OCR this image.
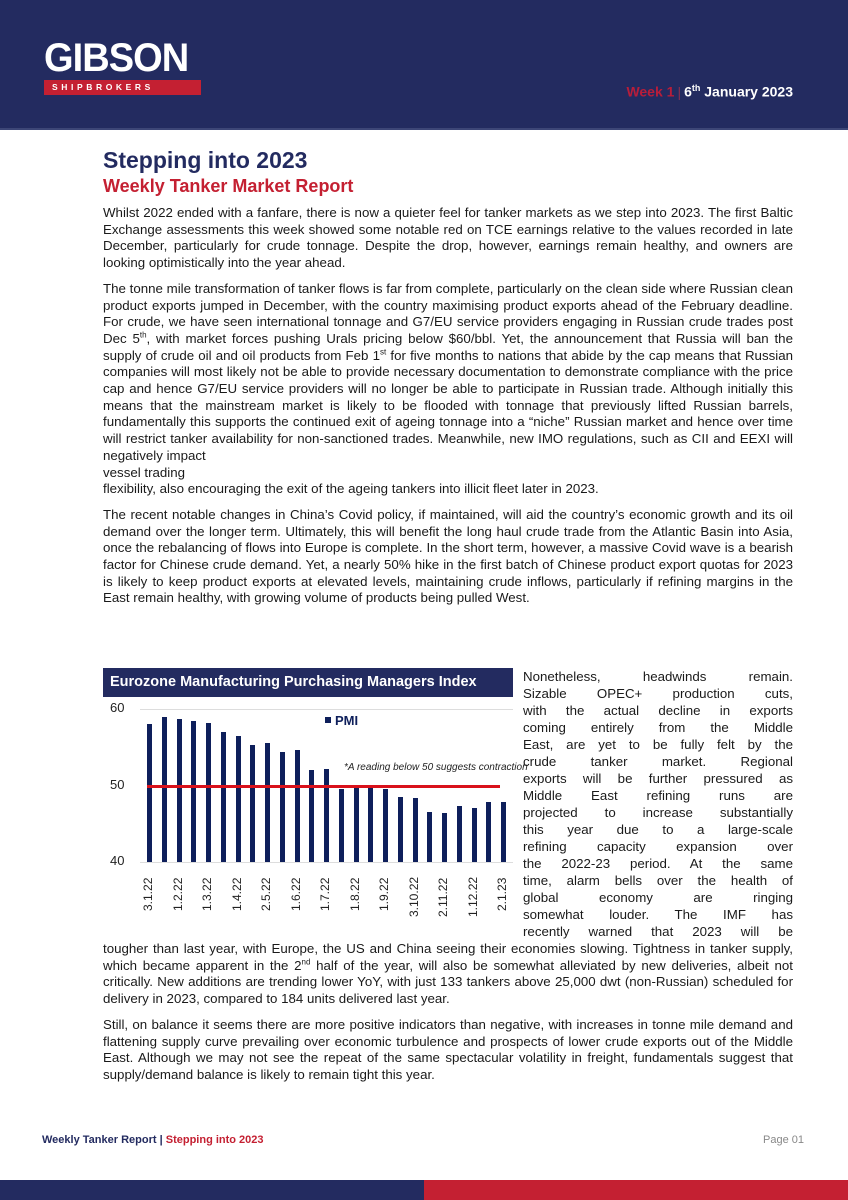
GIBSON
SHIPBROKERS	Week 1 | 6th January 2023
Stepping into 2023
Weekly Tanker Market Report

Whilst 2022 ended with a fanfare, there is now a quieter feel for tanker markets as we step into 2023. The first Baltic Exchange assessments this week showed some notable red on TCE earnings relative to the values recorded in late December, particularly for crude tonnage. Despite the drop, however, earnings remain healthy, and owners are looking optimistically into the year ahead.

The tonne mile transformation of tanker flows is far from complete, particularly on the clean side where Russian clean product exports jumped in December, with the country maximising product exports ahead of the February deadline. For crude, we have seen international tonnage and G7/EU service providers engaging in Russian crude trades post Dec 5th, with market forces pushing Urals pricing below $60/bbl. Yet, the announcement that Russia will ban the supply of crude oil and oil products from Feb 1st for five months to nations that abide by the cap means that Russian companies will most likely not be able to provide necessary documentation to demonstrate compliance with the price cap and hence G7/EU service providers will no longer be able to participate in Russian trade. Although initially this means that the mainstream market is likely to be flooded with tonnage that previously lifted Russian barrels, fundamentally this supports the continued exit of ageing tonnage into a “niche” Russian market and hence over time will restrict tanker availability for non-sanctioned trades. Meanwhile, new IMO regulations, such as CII and EEXI will negatively impact
vessel trading
flexibility, also encouraging the exit of the ageing tankers into illicit fleet later in 2023.

The recent notable changes in China’s Covid policy, if maintained, will aid the country’s economic growth and its oil demand over the longer term. Ultimately, this will benefit the long haul crude trade from the Atlantic Basin into Asia, once the rebalancing of flows into Europe is complete. In the short term, however, a massive Covid wave is a bearish factor for Chinese crude demand. Yet, a nearly 50% hike in the first batch of Chinese product export quotas for 2023 is likely to keep product exports at elevated levels, maintaining crude inflows, particularly if refining margins in the East remain healthy, with growing volume of products being pulled West.

Eurozone Manufacturing Purchasing Managers Index
60
50
40
PMI
*A reading below 50 suggests contraction
3.1.22 1.2.22 1.3.22 1.4.22 2.5.22 1.6.22 1.7.22 1.8.22 1.9.22 3.10.22 2.11.22 1.12.22 2.1.23

Nonetheless, headwinds remain.
Sizable OPEC+ production cuts,
with the actual decline in exports
coming entirely from the Middle
East, are yet to be fully felt by the
crude tanker market. Regional
exports will be further pressured as
Middle East refining runs are
projected to increase substantially
this year due to a large-scale
refining capacity expansion over
the 2022-23 period. At the same
time, alarm bells over the health of
global economy are ringing
somewhat louder. The IMF has
recently warned that 2023 will be

tougher than last year, with Europe, the US and China seeing their economies slowing. Tightness in tanker supply, which became apparent in the 2nd half of the year, will also be somewhat alleviated by new deliveries, albeit not critically. New additions are trending lower YoY, with just 133 tankers above 25,000 dwt (non-Russian) scheduled for delivery in 2023, compared to 184 units delivered last year.

Still, on balance it seems there are more positive indicators than negative, with increases in tonne mile demand and flattening supply curve prevailing over economic turbulence and prospects of lower crude exports out of the Middle East. Although we may not see the repeat of the same spectacular volatility in freight, fundamentals suggest that supply/demand balance is likely to remain tight this year.

Weekly Tanker Report | Stepping into 2023	Page 01
